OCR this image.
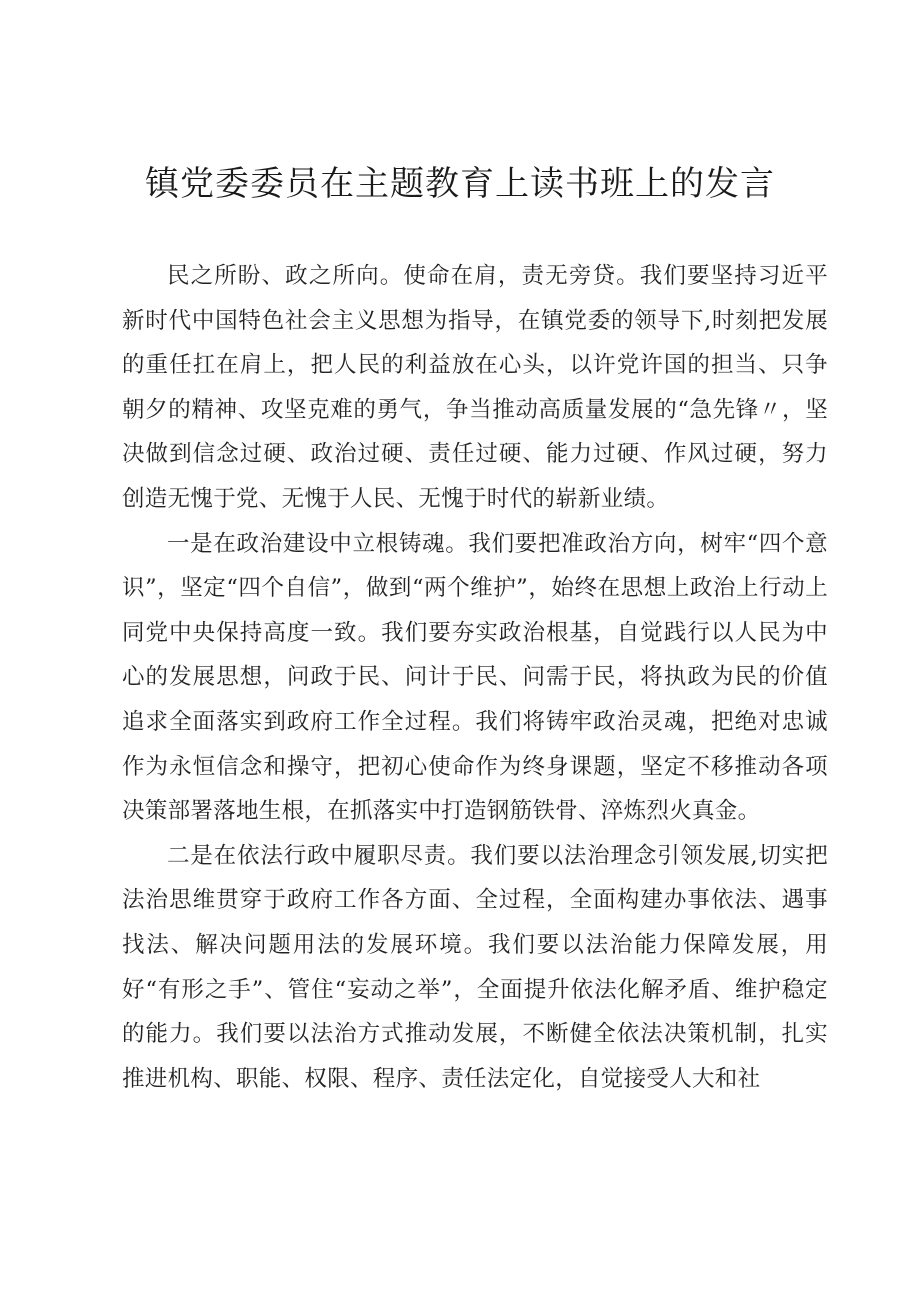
镇党委委员在主题教育上读书班上的发言

民之所盼、政之所向。使命在肩，责无旁贷。我们要坚持习近平新时代中国特色社会主义思想为指导，在镇党委的领导下,时刻把发展的重任扛在肩上，把人民的利益放在心头，以许党许国的担当、只争朝夕的精神、攻坚克难的勇气，争当推动高质量发展的“急先锋〃，坚决做到信念过硬、政治过硬、责任过硬、能力过硬、作风过硬，努力创造无愧于党、无愧于人民、无愧于时代的崭新业绩。

一是在政治建设中立根铸魂。我们要把准政治方向，树牢“四个意识”，坚定“四个自信”，做到“两个维护”，始终在思想上政治上行动上同党中央保持高度一致。我们要夯实政治根基，自觉践行以人民为中心的发展思想，问政于民、问计于民、问需于民，将执政为民的价值追求全面落实到政府工作全过程。我们将铸牢政治灵魂，把绝对忠诚作为永恒信念和操守，把初心使命作为终身课题，坚定不移推动各项决策部署落地生根，在抓落实中打造钢筋铁骨、淬炼烈火真金。

二是在依法行政中履职尽责。我们要以法治理念引领发展,切实把法治思维贯穿于政府工作各方面、全过程，全面构建办事依法、遇事找法、解决问题用法的发展环境。我们要以法治能力保障发展，用好“有形之手”、管住“妄动之举”，全面提升依法化解矛盾、维护稳定的能力。我们要以法治方式推动发展，不断健全依法决策机制，扎实推进机构、职能、权限、程序、责任法定化，自觉接受人大和社
